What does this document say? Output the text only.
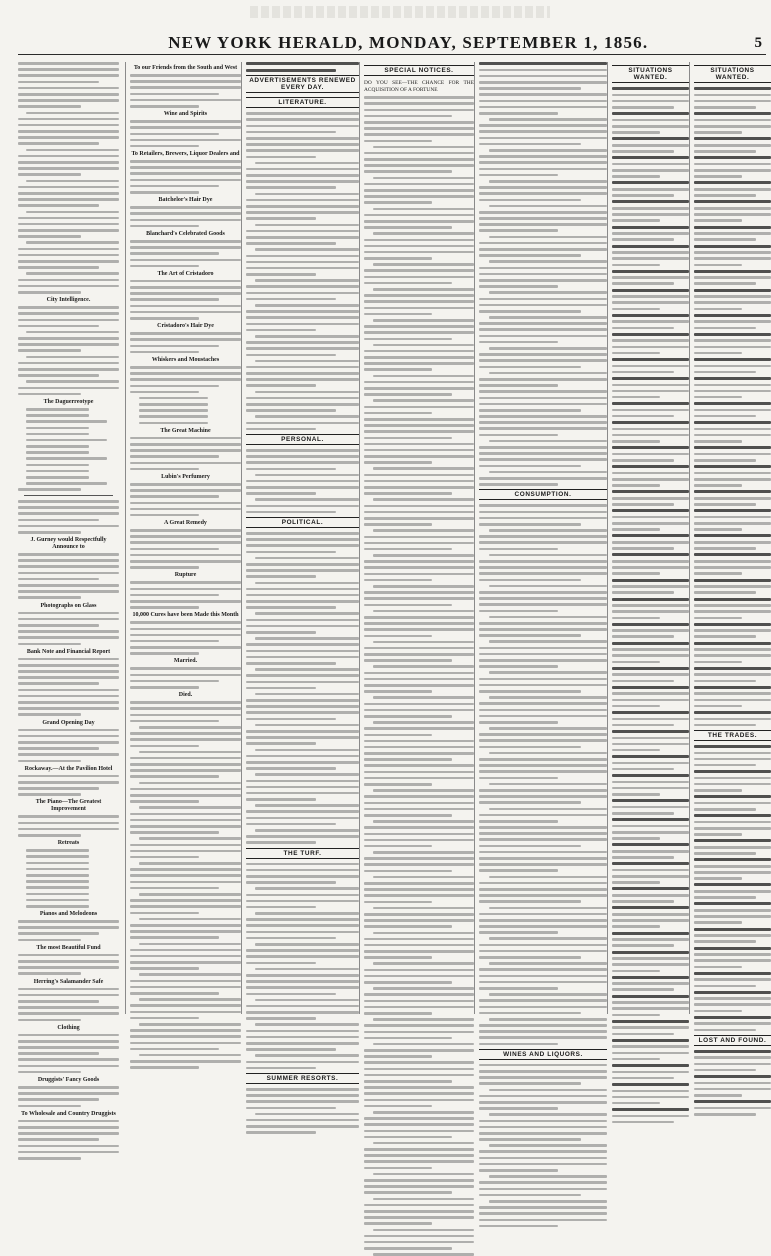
NEW YORK HERALD, MONDAY, SEPTEMBER 1, 1856.	5
City Intelligence.
The Daguerreotype
J. Gurney would Respectfully Announce to
Photographs on Glass
Bank Note and Financial Report
Grand Opening Day
Rockaway.—At the Pavilion Hotel
The Piano—The Greatest Improvement
Retreats
Pianos and Melodeons
The most Beautiful Fund
Herring's Salamander Safe
Clothing
Druggists' Fancy Goods
To Wholesale and Country Druggists
To our Friends from the South and West
Wine and Spirits
To Retailers, Brewers, Liquor Dealers and
Batchelor's Hair Dye
Blanchard's Celebrated Goods
The Art of Cristadoro
Cristadoro's Hair Dye
Whiskers and Moustaches
The Great Machine
Lubin's Perfumery
A Great Remedy
Rupture
10,000 Cures have been Made this Month
Married.
Died.
ADVERTISEMENTS RENEWED EVERY DAY.
LITERATURE.
PERSONAL.
POLITICAL.
THE TURF.
SUMMER RESORTS.
SPECIAL NOTICES.
DO YOU SEE—THE CHANCE FOR THE ACQUISITION OF A FORTUNE
CONSUMPTION.
WINES AND LIQUORS.
SITUATIONS WANTED.
SITUATIONS WANTED.
THE TRADES.
LOST AND FOUND.
